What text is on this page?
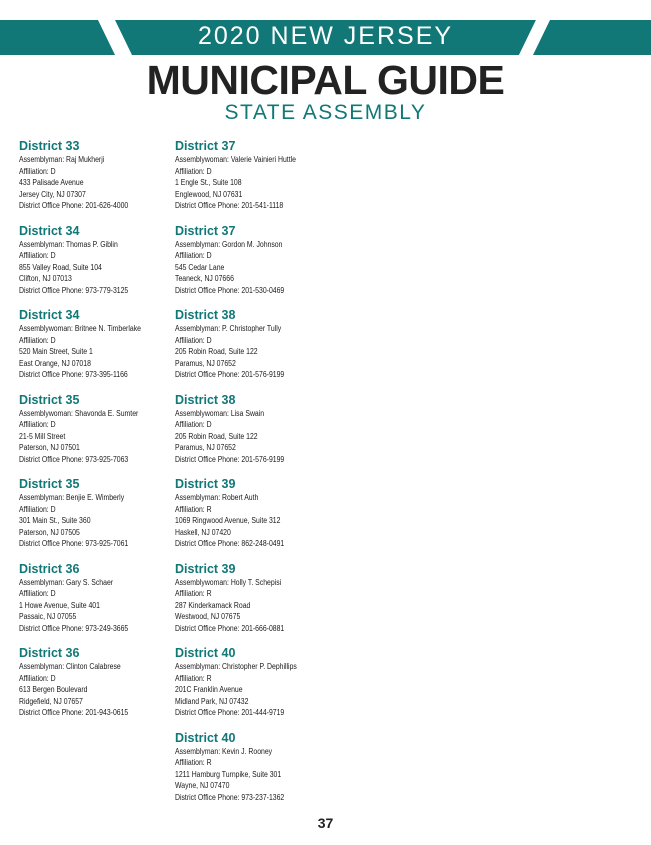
2020 NEW JERSEY
MUNICIPAL GUIDE
STATE ASSEMBLY
District 33
Assemblyman: Raj Mukherji
Affiliation: D
433 Palisade Avenue
Jersey City, NJ 07307
District Office Phone: 201-626-4000
District 34
Assemblyman: Thomas P. Giblin
Affiliation: D
855 Valley Road, Suite 104
Clifton, NJ 07013
District Office Phone: 973-779-3125
District 34
Assemblywoman: Britnee N. Timberlake
Affiliation: D
520 Main Street, Suite 1
East Orange, NJ 07018
District Office Phone: 973-395-1166
District 35
Assemblywoman: Shavonda E. Sumter
Affiliation: D
21-5 Mill Street
Paterson, NJ 07501
District Office Phone: 973-925-7063
District 35
Assemblyman: Benjie E. Wimberly
Affiliation: D
301 Main St., Suite 360
Paterson, NJ 07505
District Office Phone: 973-925-7061
District 36
Assemblyman: Gary S. Schaer
Affiliation: D
1 Howe Avenue, Suite 401
Passaic, NJ 07055
District Office Phone: 973-249-3665
District 36
Assemblyman: Clinton Calabrese
Affiliation: D
613 Bergen Boulevard
Ridgefield, NJ 07657
District Office Phone: 201-943-0615
District 37
Assemblywoman: Valerie Vainieri Huttle
Affiliation: D
1 Engle St., Suite 108
Englewood, NJ 07631
District Office Phone: 201-541-1118
District 37
Assemblyman: Gordon M. Johnson
Affiliation: D
545 Cedar Lane
Teaneck, NJ 07666
District Office Phone: 201-530-0469
District 38
Assemblyman: P. Christopher Tully
Affiliation: D
205 Robin Road, Suite 122
Paramus, NJ 07652
District Office Phone: 201-576-9199
District 38
Assemblywoman: Lisa Swain
Affiliation: D
205 Robin Road, Suite 122
Paramus, NJ 07652
District Office Phone: 201-576-9199
District 39
Assemblyman: Robert Auth
Affiliation: R
1069 Ringwood Avenue, Suite 312
Haskell, NJ 07420
District Office Phone: 862-248-0491
District 39
Assemblywoman: Holly T. Schepisi
Affiliation: R
287 Kinderkamack Road
Westwood, NJ 07675
District Office Phone: 201-666-0881
District 40
Assemblyman: Christopher P. Dephillips
Affiliation: R
201C Franklin Avenue
Midland Park, NJ 07432
District Office Phone: 201-444-9719
District 40
Assemblyman: Kevin J. Rooney
Affiliation: R
1211 Hamburg Turnpike, Suite 301
Wayne, NJ 07470
District Office Phone: 973-237-1362
37
